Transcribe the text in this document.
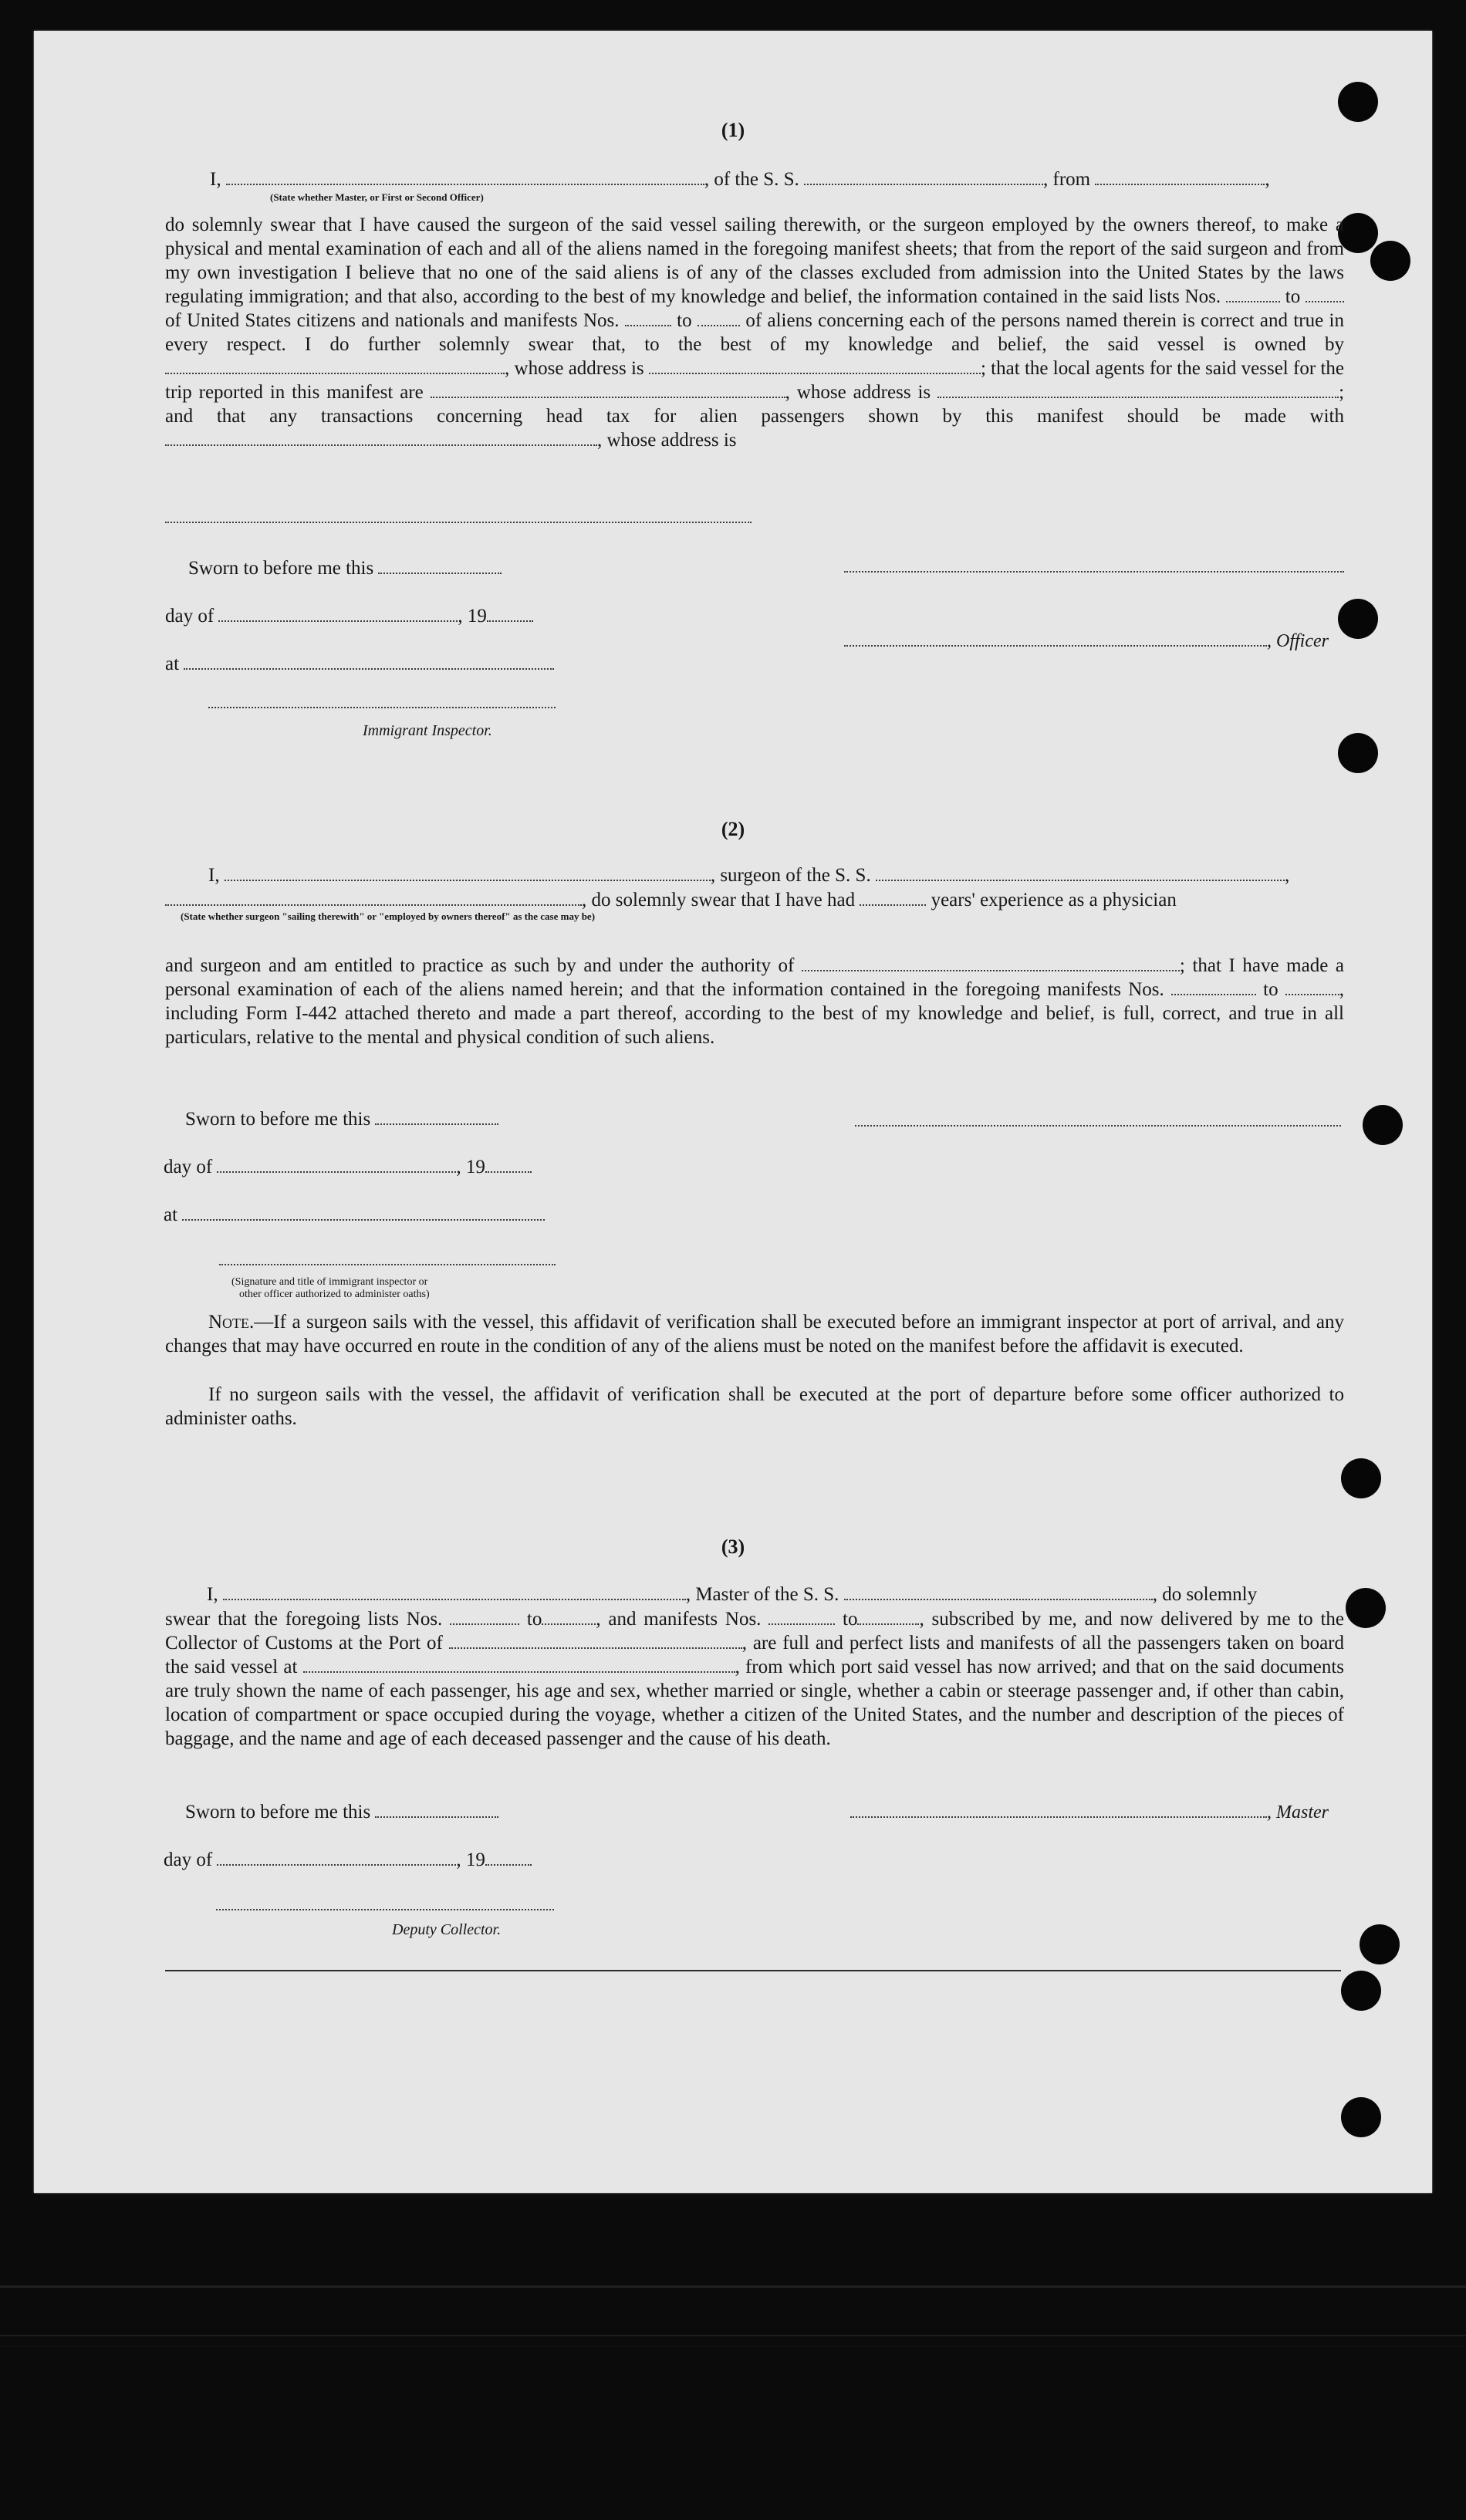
(1)
I,	, of the S. S.	, from	,
(State whether Master, or First or Second Officer)
do solemnly swear that I have caused the surgeon of the said vessel sailing therewith, or the surgeon employed by the owners thereof, to make a physical and mental examination of each and all of the aliens named in the foregoing manifest sheets; that from the report of the said surgeon and from my own investigation I believe that no one of the said aliens is of any of the classes excluded from admission into the United States by the laws regulating immigration; and that also, according to the best of my knowledge and belief, the information contained in the said lists Nos.	to  of United States citizens and nationals and manifests Nos.	to	of aliens concerning each of the persons named therein is correct and true in every respect. I do further solemnly swear that, to the best of my knowledge and belief, the said vessel is owned by , whose address is	; that the local agents for the said vessel for the trip reported in this manifest are	, whose address is	; and that any transactions concerning head tax for alien passengers shown by this manifest should be made with , whose address is
Sworn to before me this
day of	, 19
, Officer
at
Immigrant Inspector.
(2)
I,	, surgeon of the S. S.	,
, do solemnly swear that I have had	years' experience as a physician
(State whether surgeon "sailing therewith" or "employed by owners thereof" as the case may be)
and surgeon and am entitled to practice as such by and under the authority of	; that I have made a personal examination of each of the aliens named herein; and that the information contained in the foregoing manifests Nos.	to	, including Form I-442 attached thereto and made a part thereof, according to the best of my knowledge and belief, is full, correct, and true in all particulars, relative to the mental and physical condition of such aliens.
Sworn to before me this
day of	, 19
at
(Signature and title of immigrant inspector or
other officer authorized to administer oaths)
Note.—If a surgeon sails with the vessel, this affidavit of verification shall be executed before an immigrant inspector at port of arrival, and any changes that may have occurred en route in the condition of any of the aliens must be noted on the manifest before the affidavit is executed.
If no surgeon sails with the vessel, the affidavit of verification shall be executed at the port of departure before some officer authorized to administer oaths.
(3)
I,	, Master of the S. S.	, do solemnly
swear that the foregoing lists Nos.	to	, and manifests Nos.	to	, subscribed by me, and now delivered by me to the Collector of Customs at the Port of	, are full and perfect lists and manifests of all the passengers taken on board the said vessel at	, from which port said vessel has now arrived; and that on the said documents are truly shown the name of each passenger, his age and sex, whether married or single, whether a cabin or steerage passenger and, if other than cabin, location of compartment or space occupied during the voyage, whether a citizen of the United States, and the number and description of the pieces of baggage, and the name and age of each deceased passenger and the cause of his death.
Sworn to before me this	, Master
day of	, 19
Deputy Collector.
